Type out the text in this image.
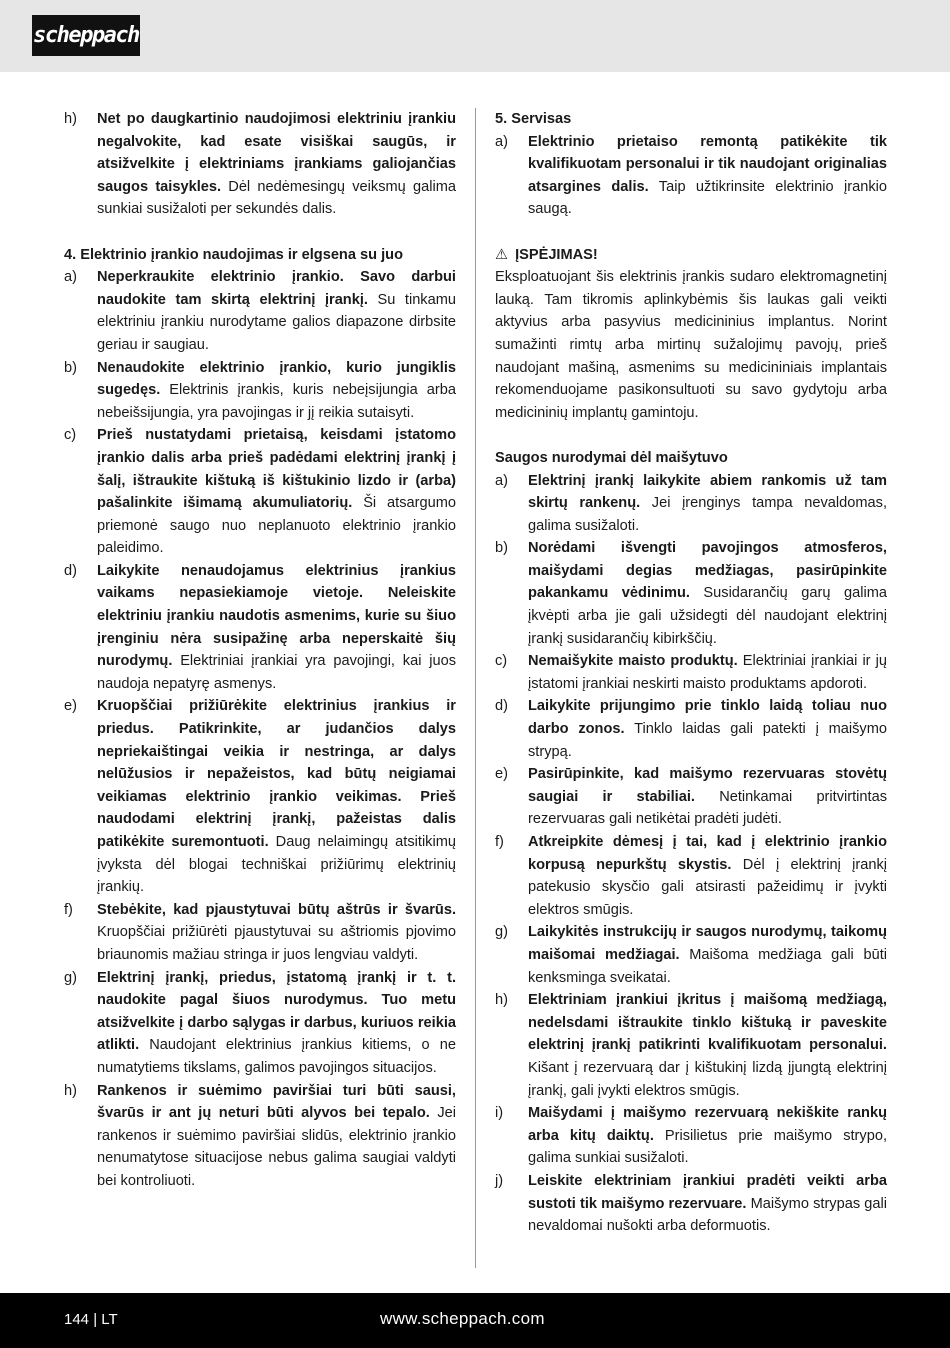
scheppach
h)	Net po daugkartinio naudojimosi elektriniu įrankiu negalvokite, kad esate visiškai saugūs, ir atsižvelkite į elektriniams įrankiams galiojančias saugos taisykles. Dėl nedėmesingų veiksmų galima sunkiai susižaloti per sekundės dalis.
4. Elektrinio įrankio naudojimas ir elgsena su juo
a)	Neperkraukite elektrinio įrankio. Savo darbui naudokite tam skirtą elektrinį įrankį. Su tinkamu elektriniu įrankiu nurodytame galios diapazone dirbsite geriau ir saugiau.
b)	Nenaudokite elektrinio įrankio, kurio jungiklis sugedęs. Elektrinis įrankis, kuris nebeįsijungia arba nebeišsijungia, yra pavojingas ir jį reikia sutaisyti.
c)	Prieš nustatydami prietaisą, keisdami įstatomo įrankio dalis arba prieš padėdami elektrinį įrankį į šalį, ištraukite kištuką iš kištukinio lizdo ir (arba) pašalinkite išimamą akumuliatorių. Ši atsargumo priemonė saugo nuo neplanuoto elektrinio įrankio paleidimo.
d)	Laikykite nenaudojamus elektrinius įrankius vaikams nepasiekiamoje vietoje. Neleiskite elektriniu įrankiu naudotis asmenims, kurie su šiuo įrenginiu nėra susipažinę arba neperskaitė šių nurodymų. Elektriniai įrankiai yra pavojingi, kai juos naudoja nepatyrę asmenys.
e)	Kruopščiai prižiūrėkite elektrinius įrankius ir priedus. Patikrinkite, ar judančios dalys nepriekaištingai veikia ir nestringa, ar dalys nelūžusios ir nepažeistos, kad būtų neigiamai veikiamas elektrinio įrankio veikimas. Prieš naudodami elektrinį įrankį, pažeistas dalis patikėkite suremontuoti. Daug nelaimingų atsitikimų įvyksta dėl blogai techniškai prižiūrimų elektrinių įrankių.
f)	Stebėkite, kad pjaustytuvai būtų aštrūs ir švarūs. Kruopščiai prižiūrėti pjaustytuvai su aštriomis pjovimo briaunomis mažiau stringa ir juos lengviau valdyti.
g)	Elektrinį įrankį, priedus, įstatomą įrankį ir t. t. naudokite pagal šiuos nurodymus. Tuo metu atsižvelkite į darbo sąlygas ir darbus, kuriuos reikia atlikti. Naudojant elektrinius įrankius kitiems, o ne numatytiems tikslams, galimos pavojingos situacijos.
h)	Rankenos ir suėmimo paviršiai turi būti sausi, švarūs ir ant jų neturi būti alyvos bei tepalo. Jei rankenos ir suėmimo paviršiai slidūs, elektrinio įrankio nenumatytose situacijose nebus galima saugiai valdyti bei kontroliuoti.
5. Servisas
a)	Elektrinio prietaiso remontą patikėkite tik kvalifikuotam personalui ir tik naudojant originalias atsargines dalis. Taip užtikrinsite elektrinio įrankio saugą.
⚠ ĮSPĖJIMAS!
Eksploatuojant šis elektrinis įrankis sudaro elektromagnetinį lauką. Tam tikromis aplinkybėmis šis laukas gali veikti aktyvius arba pasyvius medicininius implantus. Norint sumažinti rimtų arba mirtinų sužalojimų pavojų, prieš naudojant mašiną, asmenims su medicininiais implantais rekomenduojame pasikonsultuoti su savo gydytoju arba medicininių implantų gamintoju.
Saugos nurodymai dėl maišytuvo
a)	Elektrinį įrankį laikykite abiem rankomis už tam skirtų rankenų. Jei įrenginys tampa nevaldomas, galima susižaloti.
b)	Norėdami išvengti pavojingos atmosferos, maišydami degias medžiagas, pasirūpinkite pakankamu vėdinimu. Susidarančių garų galima įkvėpti arba jie gali užsidegti dėl naudojant elektrinį įrankį susidarančių kibirkščių.
c)	Nemaišykite maisto produktų. Elektriniai įrankiai ir jų įstatomi įrankiai neskirti maisto produktams apdoroti.
d)	Laikykite prijungimo prie tinklo laidą toliau nuo darbo zonos. Tinklo laidas gali patekti į maišymo strypą.
e)	Pasirūpinkite, kad maišymo rezervuaras stovėtų saugiai ir stabiliai. Netinkamai pritvirtintas rezervuaras gali netikėtai pradėti judėti.
f)	Atkreipkite dėmesį į tai, kad į elektrinio įrankio korpusą nepurkštų skystis. Dėl į elektrinį įrankį patekusio skysčio gali atsirasti pažeidimų ir įvykti elektros smūgis.
g)	Laikykitės instrukcijų ir saugos nurodymų, taikomų maišomai medžiagai. Maišoma medžiaga gali būti kenksminga sveikatai.
h)	Elektriniam įrankiui įkritus į maišomą medžiagą, nedelsdami ištraukite tinklo kištuką ir paveskite elektrinį įrankį patikrinti kvalifikuotam personalui. Kišant į rezervuarą dar į kištukinį lizdą įjungtą elektrinį įrankį, gali įvykti elektros smūgis.
i)	Maišydami į maišymo rezervuarą nekiškite rankų arba kitų daiktų. Prisilietus prie maišymo strypo, galima sunkiai susižaloti.
j)	Leiskite elektriniam įrankiui pradėti veikti arba sustoti tik maišymo rezervuare. Maišymo strypas gali nevaldomai nušokti arba deformuotis.
144 | LT	www.scheppach.com
